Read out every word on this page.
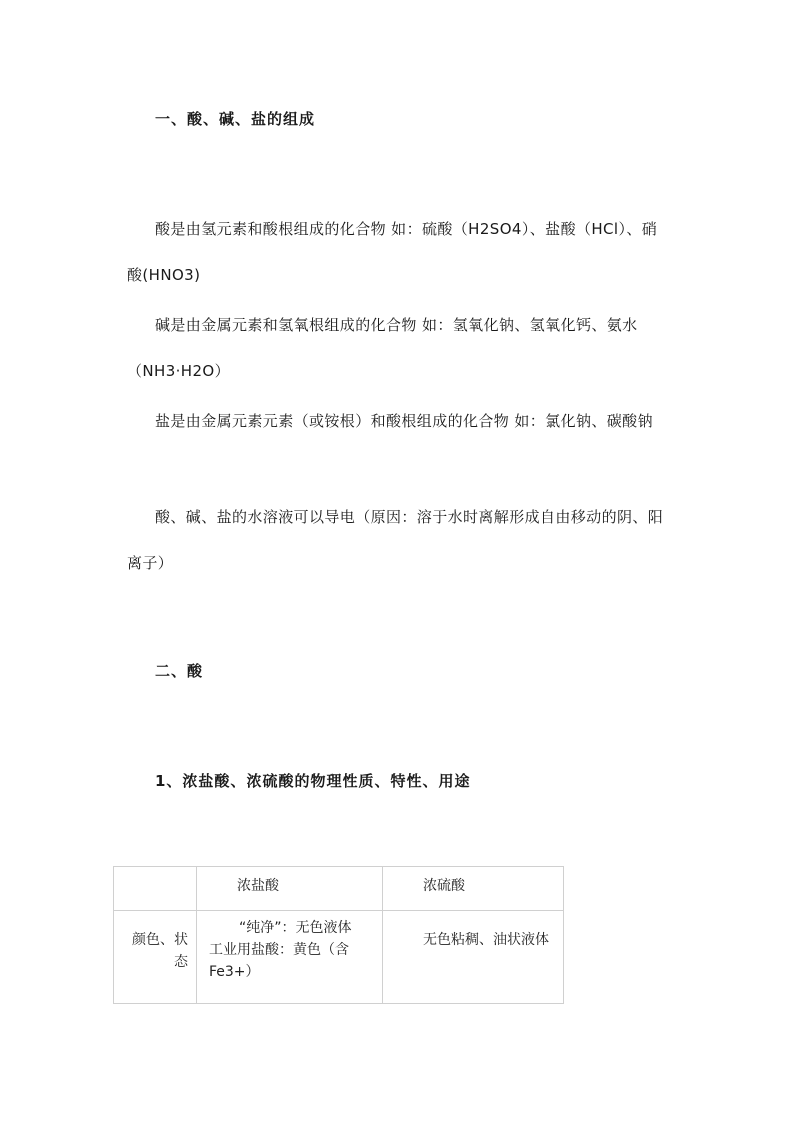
一、酸、碱、盐的组成
酸是由氢元素和酸根组成的化合物 如：硫酸（H2SO4）、盐酸（HCl）、硝酸(HNO3)
碱是由金属元素和氢氧根组成的化合物 如：氢氧化钠、氢氧化钙、氨水（NH3·H2O）
盐是由金属元素元素（或铵根）和酸根组成的化合物 如：氯化钠、碳酸钠
酸、碱、盐的水溶液可以导电（原因：溶于水时离解形成自由移动的阴、阳离子）
二、酸
1、浓盐酸、浓硫酸的物理性质、特性、用途

	浓盐酸	浓硫酸

颜色、状态	“纯净”：无色液体
工业用盐酸：黄色（含
Fe3+）	无色粘稠、油状液体
